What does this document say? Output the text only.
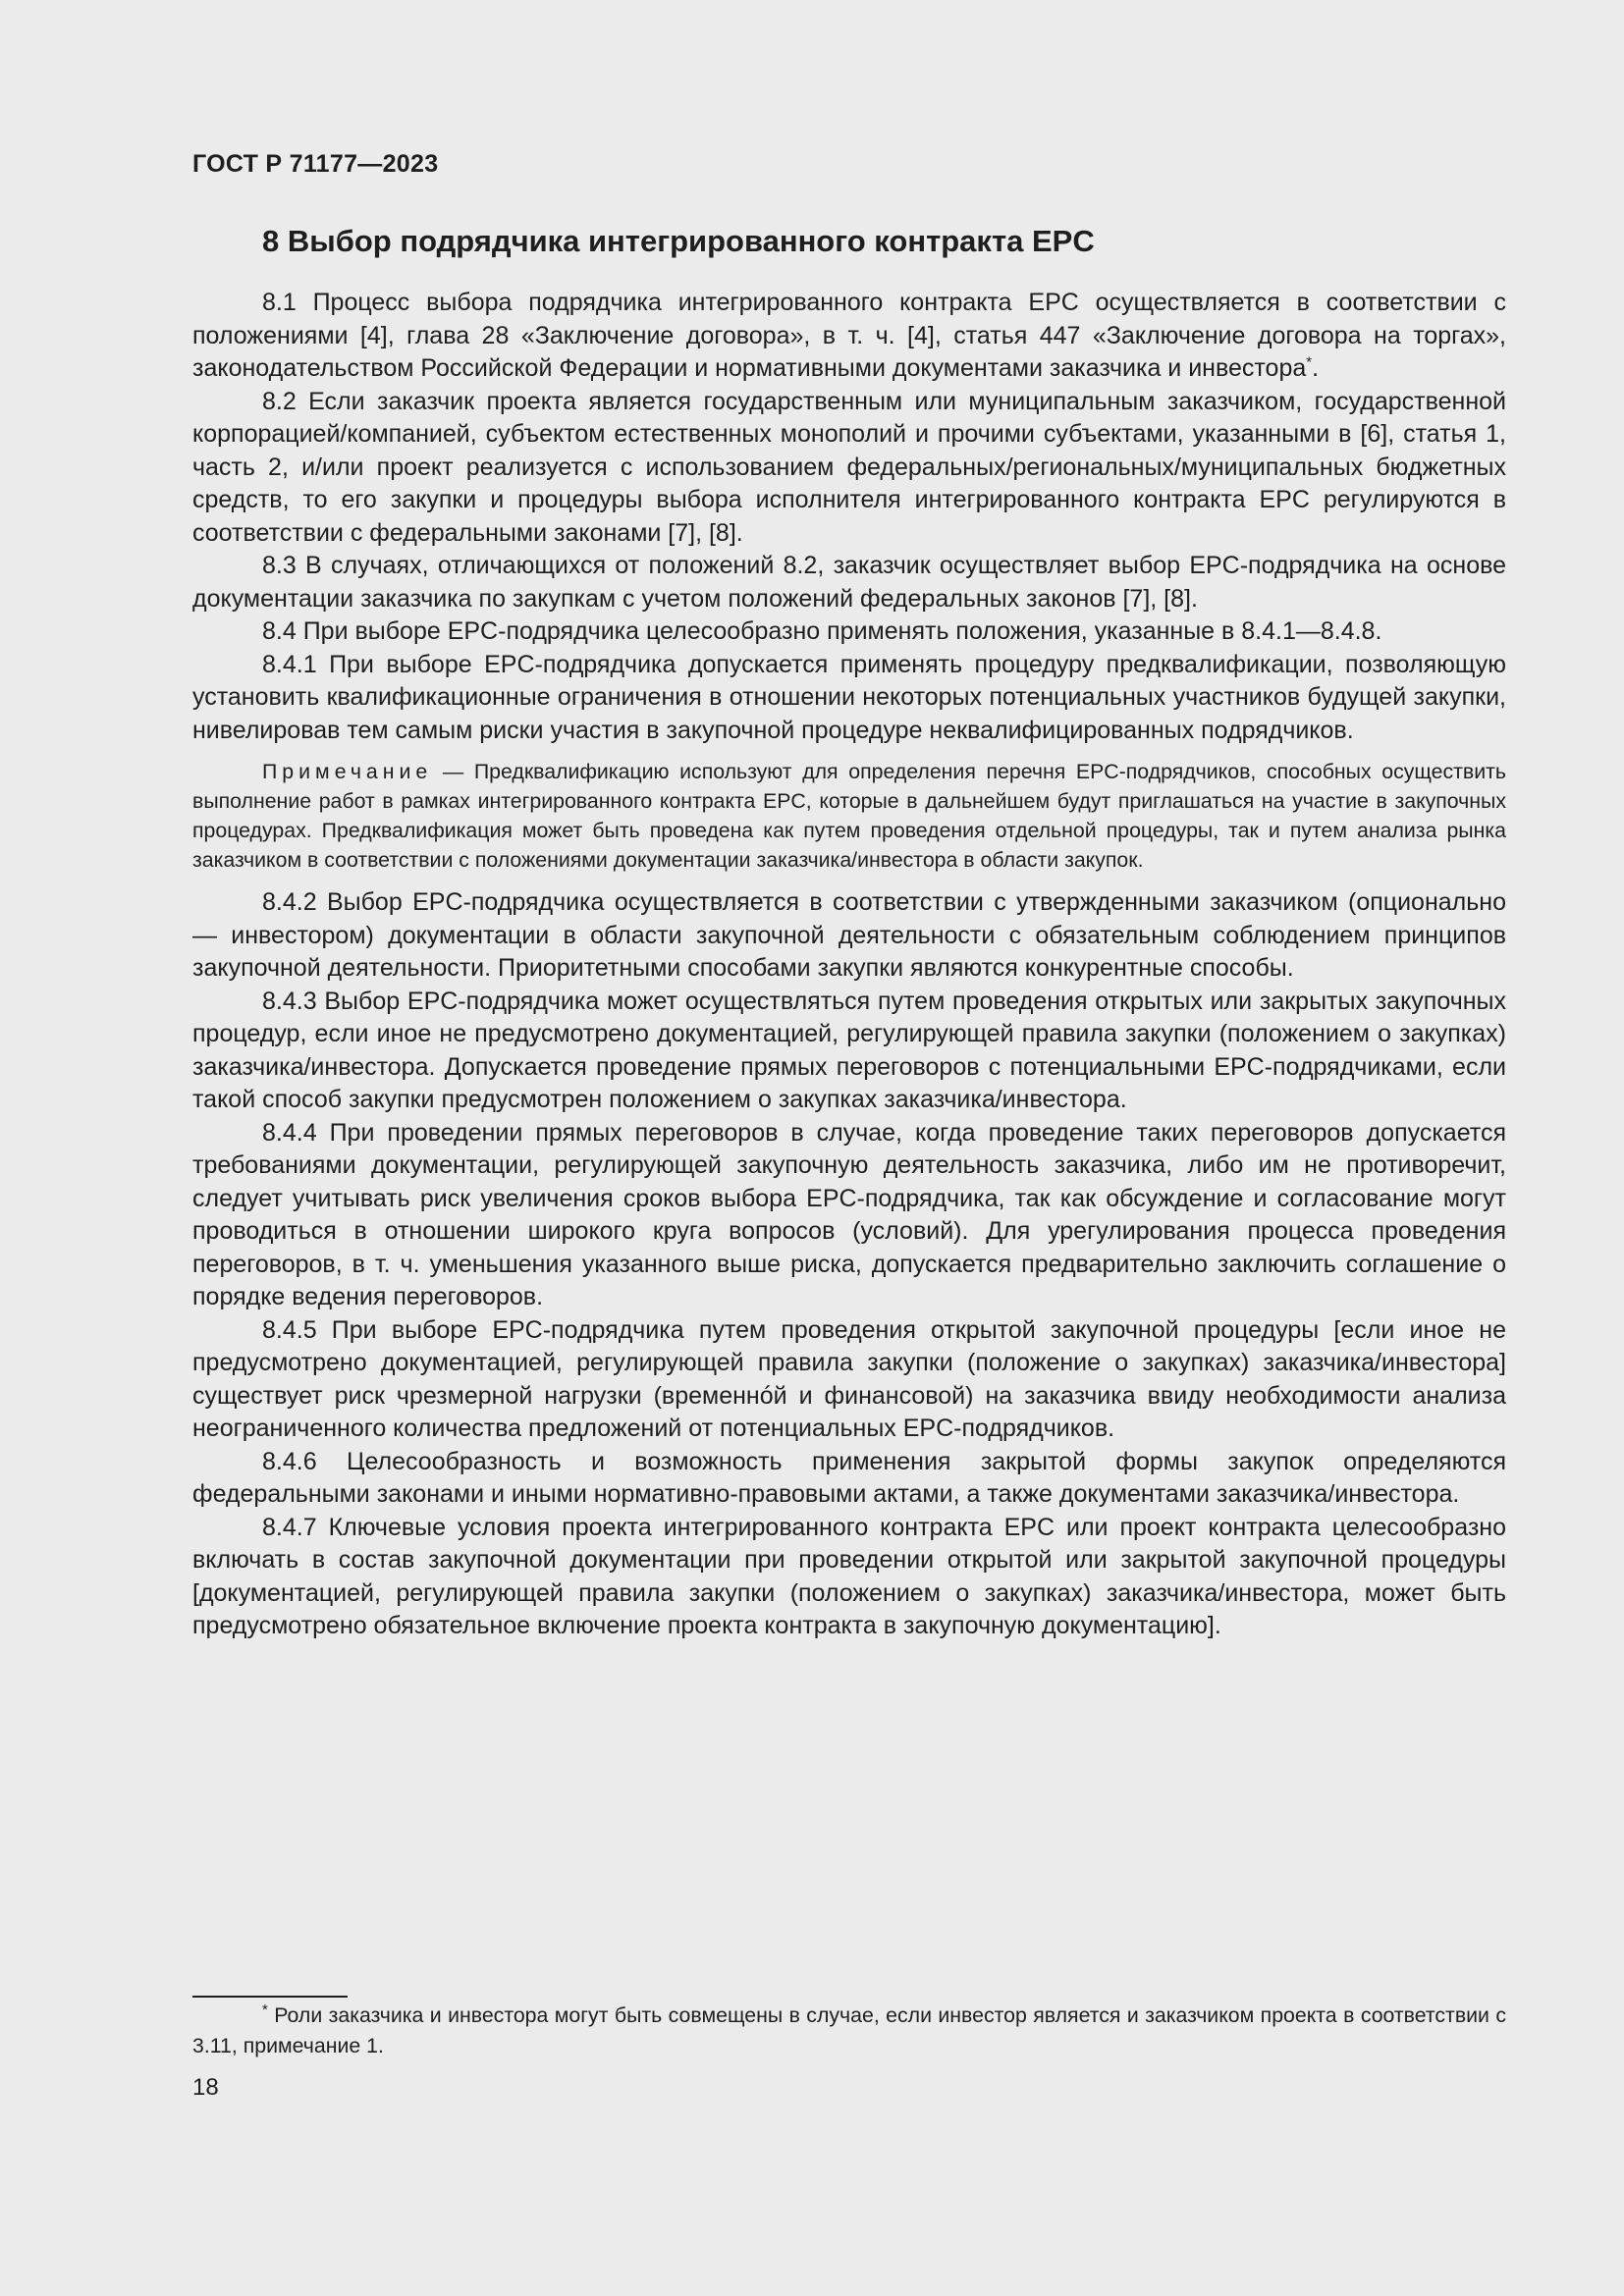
ГОСТ Р 71177—2023
8 Выбор подрядчика интегрированного контракта EPC

8.1 Процесс выбора подрядчика интегрированного контракта EPC осуществляется в соответствии с положениями [4], глава 28 «Заключение договора», в т. ч. [4], статья 447 «Заключение договора на торгах», законодательством Российской Федерации и нормативными документами заказчика и инвестора*.

8.2 Если заказчик проекта является государственным или муниципальным заказчиком, государственной корпорацией/компанией, субъектом естественных монополий и прочими субъектами, указанными в [6], статья 1, часть 2, и/или проект реализуется с использованием федеральных/региональных/муниципальных бюджетных средств, то его закупки и процедуры выбора исполнителя интегрированного контракта EPC регулируются в соответствии с федеральными законами [7], [8].

8.3 В случаях, отличающихся от положений 8.2, заказчик осуществляет выбор EPC-подрядчика на основе документации заказчика по закупкам с учетом положений федеральных законов [7], [8].

8.4 При выборе EPC-подрядчика целесообразно применять положения, указанные в 8.4.1—8.4.8.

8.4.1 При выборе EPC-подрядчика допускается применять процедуру предквалификации, позволяющую установить квалификационные ограничения в отношении некоторых потенциальных участников будущей закупки, нивелировав тем самым риски участия в закупочной процедуре неквалифицированных подрядчиков.

Примечание — Предквалификацию используют для определения перечня EPC-подрядчиков, способных осуществить выполнение работ в рамках интегрированного контракта EPC, которые в дальнейшем будут приглашаться на участие в закупочных процедурах. Предквалификация может быть проведена как путем проведения отдельной процедуры, так и путем анализа рынка заказчиком в соответствии с положениями документации заказчика/инвестора в области закупок.

8.4.2 Выбор EPC-подрядчика осуществляется в соответствии с утвержденными заказчиком (опционально — инвестором) документации в области закупочной деятельности с обязательным соблюдением принципов закупочной деятельности. Приоритетными способами закупки являются конкурентные способы.

8.4.3 Выбор EPC-подрядчика может осуществляться путем проведения открытых или закрытых закупочных процедур, если иное не предусмотрено документацией, регулирующей правила закупки (положением о закупках) заказчика/инвестора. Допускается проведение прямых переговоров с потенциальными EPC-подрядчиками, если такой способ закупки предусмотрен положением о закупках заказчика/инвестора.

8.4.4 При проведении прямых переговоров в случае, когда проведение таких переговоров допускается требованиями документации, регулирующей закупочную деятельность заказчика, либо им не противоречит, следует учитывать риск увеличения сроков выбора EPC-подрядчика, так как обсуждение и согласование могут проводиться в отношении широкого круга вопросов (условий). Для урегулирования процесса проведения переговоров, в т. ч. уменьшения указанного выше риска, допускается предварительно заключить соглашение о порядке ведения переговоров.

8.4.5 При выборе EPC-подрядчика путем проведения открытой закупочной процедуры [если иное не предусмотрено документацией, регулирующей правила закупки (положение о закупках) заказчика/инвестора] существует риск чрезмерной нагрузки (временнóй и финансовой) на заказчика ввиду необходимости анализа неограниченного количества предложений от потенциальных EPC-подрядчиков.

8.4.6 Целесообразность и возможность применения закрытой формы закупок определяются федеральными законами и иными нормативно-правовыми актами, а также документами заказчика/инвестора.

8.4.7 Ключевые условия проекта интегрированного контракта EPC или проект контракта целесообразно включать в состав закупочной документации при проведении открытой или закрытой закупочной процедуры [документацией, регулирующей правила закупки (положением о закупках) заказчика/инвестора, может быть предусмотрено обязательное включение проекта контракта в закупочную документацию].

* Роли заказчика и инвестора могут быть совмещены в случае, если инвестор является и заказчиком проекта в соответствии с 3.11, примечание 1.
18
